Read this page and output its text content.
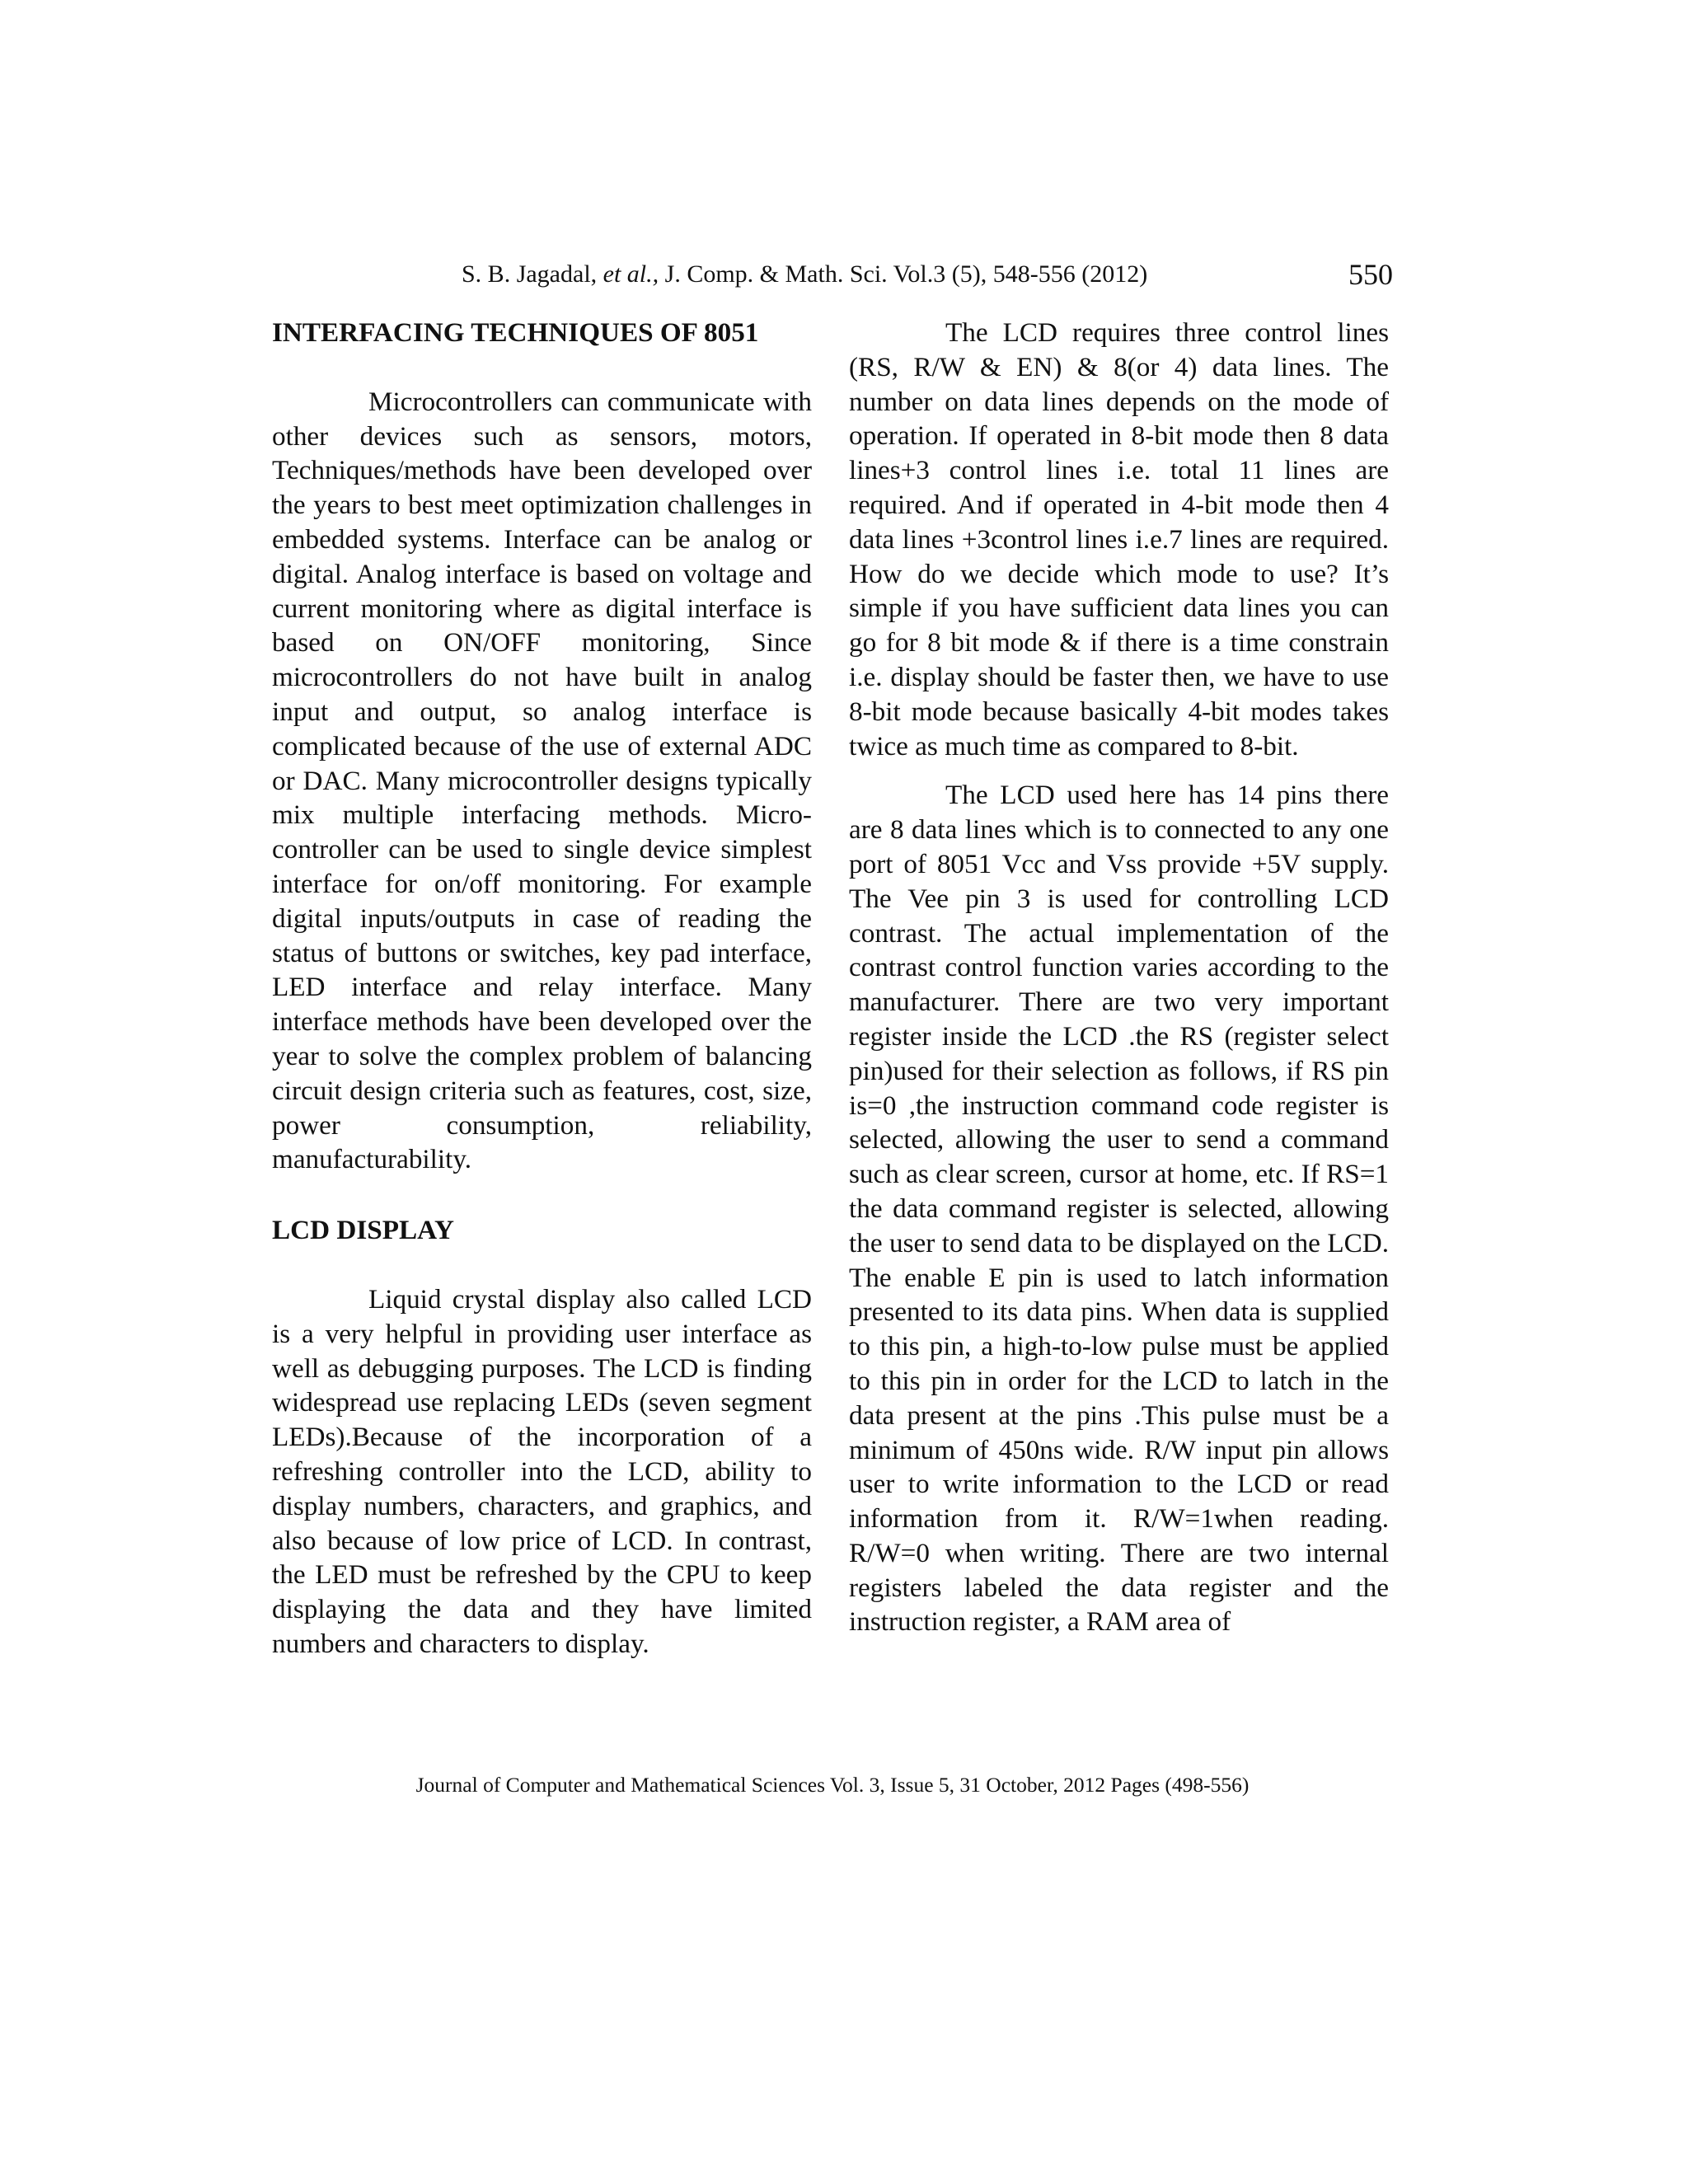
S. B. Jagadal, et al., J. Comp. & Math. Sci. Vol.3 (5), 548-556 (2012)	550
INTERFACING TECHNIQUES OF 8051

Microcontrollers can communicate with other devices such as sensors, motors, Techniques/methods have been developed over the years to best meet optimization challenges in embedded systems. Interface can be analog or digital. Analog interface is based on voltage and current monitoring where as digital interface is based on ON/OFF monitoring, Since microcontrollers do not have built in analog input and output, so analog interface is complicated because of the use of external ADC or DAC. Many microcontroller designs typically mix multiple interfacing methods. Micro-controller can be used to single device simplest interface for on/off monitoring. For example digital inputs/outputs in case of reading the status of buttons or switches, key pad interface, LED interface and relay interface. Many interface methods have been developed over the year to solve the complex problem of balancing circuit design criteria such as features, cost, size, power consumption, reliability, manufacturability.

LCD DISPLAY

Liquid crystal display also called LCD is a very helpful in providing user interface as well as debugging purposes. The LCD is finding widespread use replacing LEDs (seven segment LEDs).Because of the incorporation of a refreshing controller into the LCD, ability to display numbers, characters, and graphics, and also because of low price of LCD. In contrast, the LED must be refreshed by the CPU to keep displaying the data and they have limited numbers and characters to display.

The LCD requires three control lines (RS, R/W & EN) & 8(or 4) data lines. The number on data lines depends on the mode of operation. If operated in 8-bit mode then 8 data lines+3 control lines i.e. total 11 lines are required. And if operated in 4-bit mode then 4 data lines +3control lines i.e.7 lines are required. How do we decide which mode to use? It’s simple if you have sufficient data lines you can go for 8 bit mode & if there is a time constrain i.e. display should be faster then, we have to use 8-bit mode because basically 4-bit modes takes twice as much time as compared to 8-bit.

The LCD used here has 14 pins there are 8 data lines which is to connected to any one port of 8051 Vcc and Vss provide +5V supply. The Vee pin 3 is used for controlling LCD contrast. The actual implementation of the contrast control function varies according to the manufacturer. There are two very important register inside the LCD .the RS (register select pin)used for their selection as follows, if RS pin is=0 ,the instruction command code register is selected, allowing the user to send a command such as clear screen, cursor at home, etc. If RS=1 the data command register is selected, allowing the user to send data to be displayed on the LCD. The enable E pin is used to latch information presented to its data pins. When data is supplied to this pin, a high-to-low pulse must be applied to this pin in order for the LCD to latch in the data present at the pins .This pulse must be a minimum of 450ns wide. R/W input pin allows user to write information to the LCD or read information from it. R/W=1when reading. R/W=0 when writing. There are two internal registers labeled the data register and the instruction register, a RAM area of

Journal of Computer and Mathematical Sciences Vol. 3, Issue 5, 31 October, 2012 Pages (498-556)
